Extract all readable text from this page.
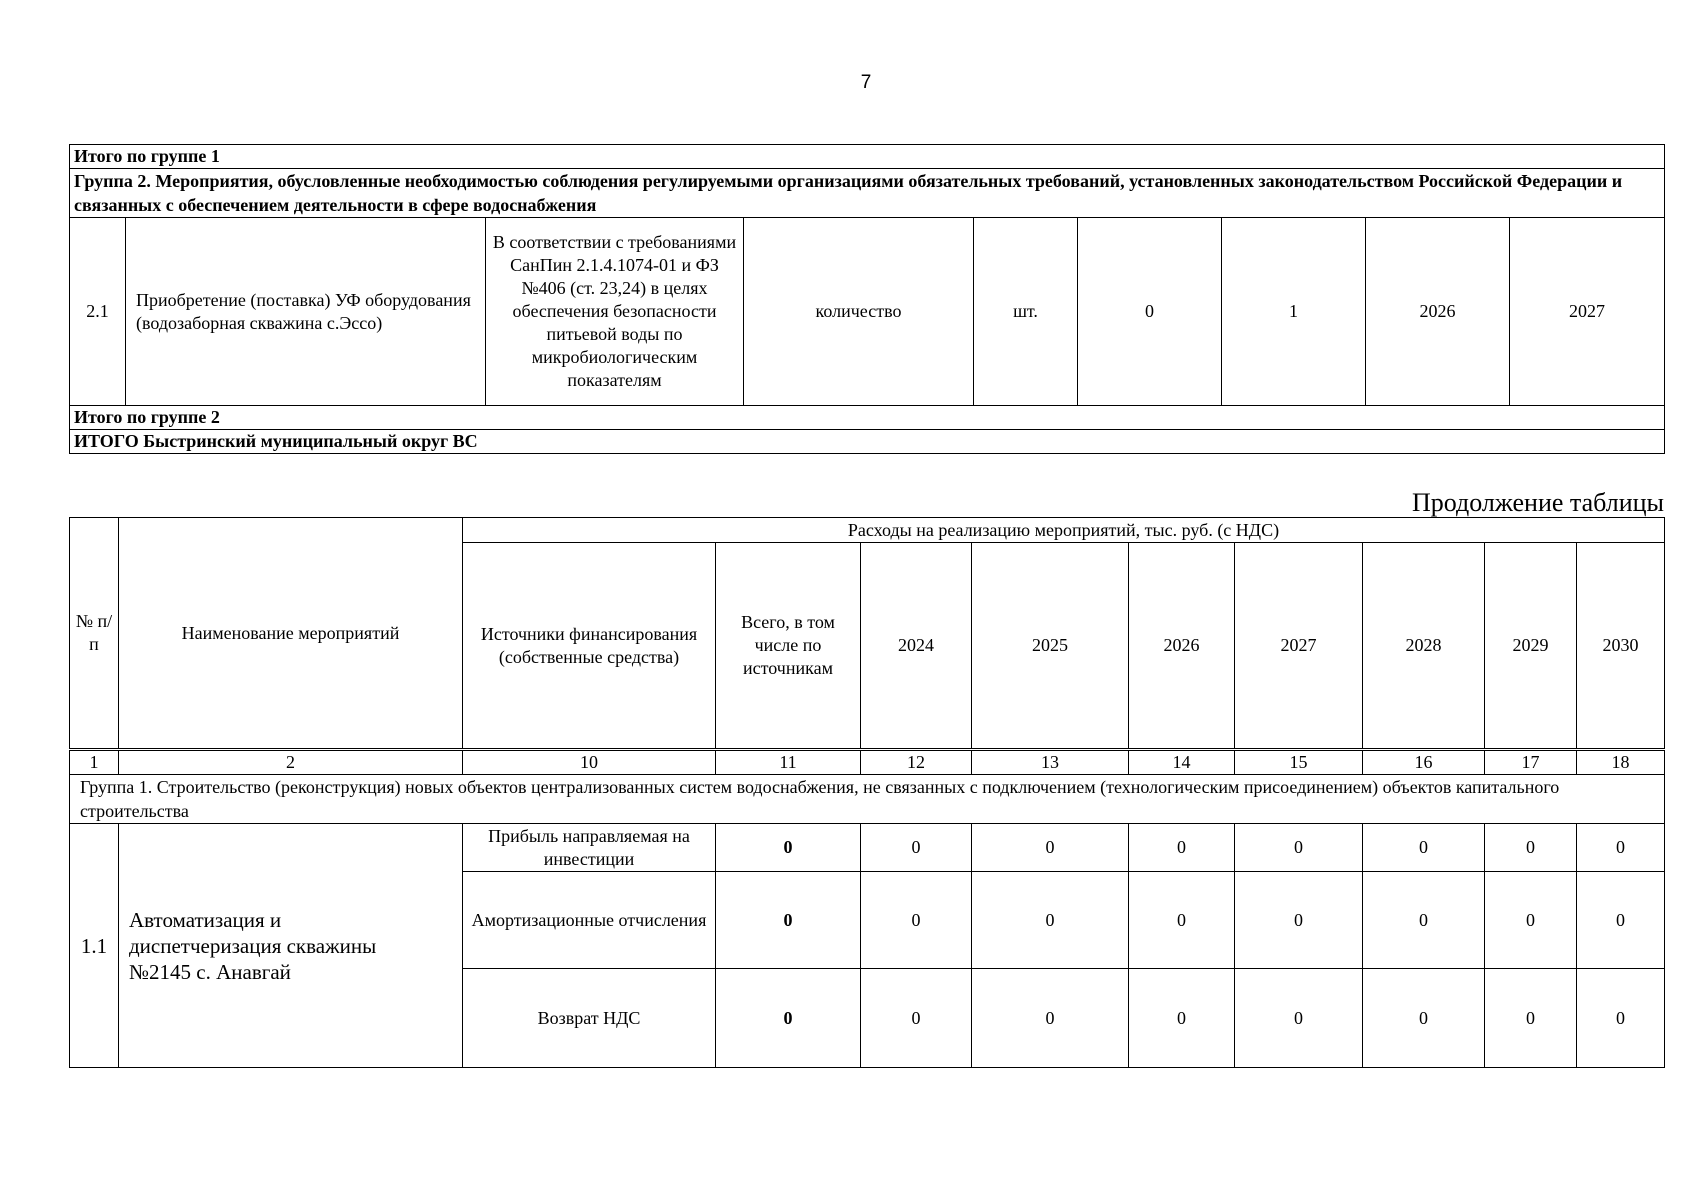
7
Итого по группе 1
Группа 2. Мероприятия, обусловленные необходимостью соблюдения регулируемыми организациями обязательных требований, установленных законодательством Российской Федерации и связанных с обеспечением деятельности в сфере водоснабжения
2.1	Приобретение (поставка) УФ оборудования (водозаборная скважина с.Эссо)	В соответствии с требованиями СанПин 2.1.4.1074-01 и ФЗ №406 (ст. 23,24) в целях обеспечения безопасности питьевой воды по микробиологическим показателям	количество	шт.	0	1	2026	2027
Итого по группе 2
ИТОГО Быстринский муниципальный округ ВС
Продолжение таблицы
№ п/п	Наименование мероприятий	Расходы на реализацию мероприятий, тыс. руб. (с НДС)								
		Источники финансирования (собственные средства)	Всего, в том числе по источникам	2024	2025	2026	2027	2028	2029	2030
1	2	10	11	12	13	14	15	16	17	18
Группа 1. Строительство (реконструкция) новых объектов централизованных систем водоснабжения, не связанных с подключением (технологическим присоединением) объектов капитального строительства										
1.1	Автоматизация и диспетчеризация скважины №2145 с. Анавгай	Прибыль направляемая на инвестиции	0	0	0	0	0	0	0	0
		Амортизационные отчисления	0	0	0	0	0	0	0	0
		Возврат НДС	0	0	0	0	0	0	0	0
